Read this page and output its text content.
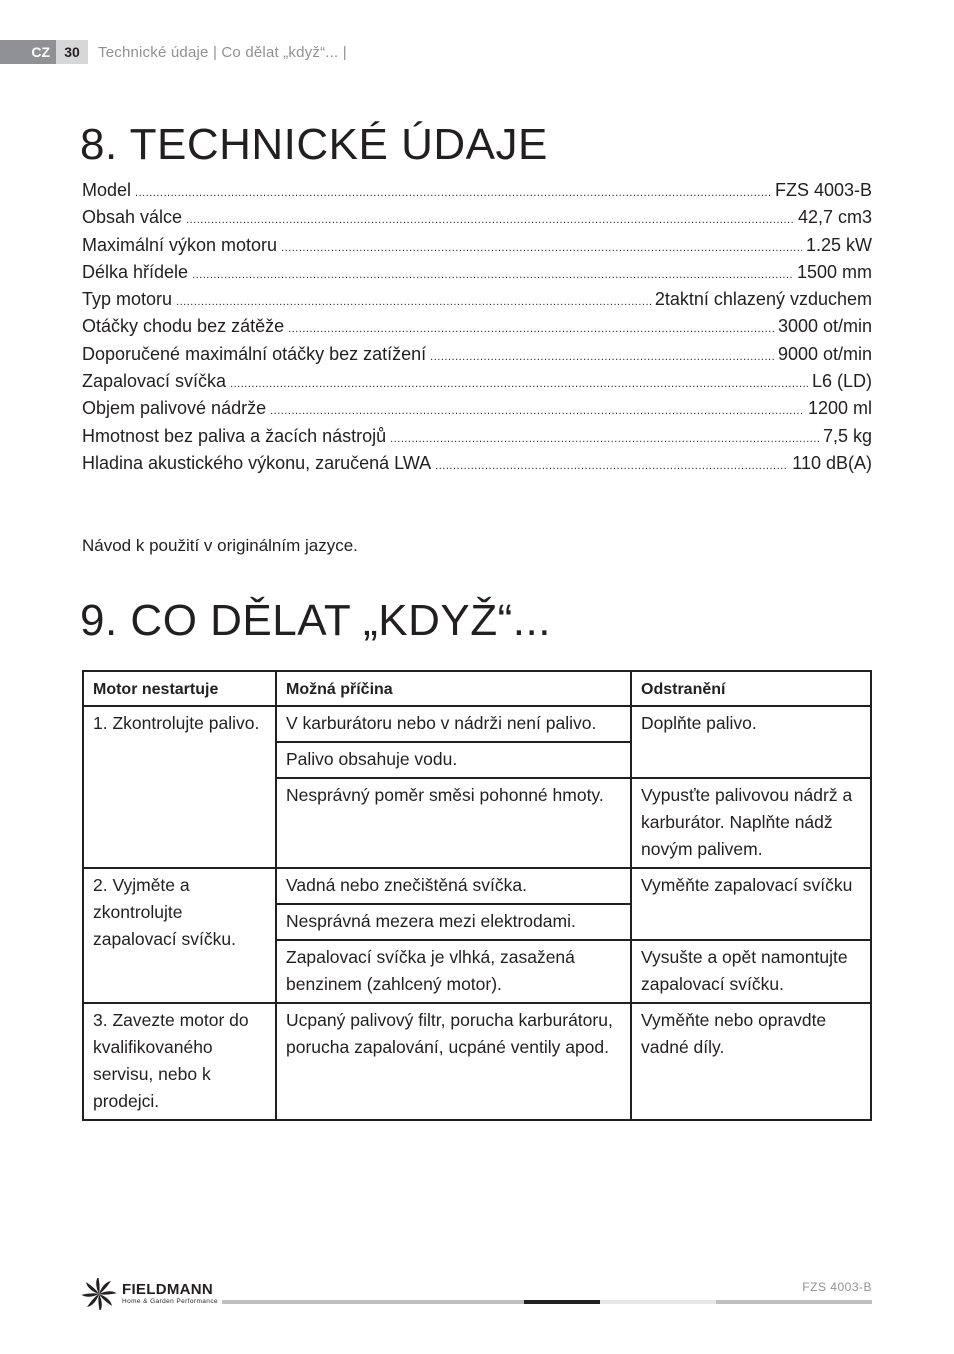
CZ	30	Technické údaje | Co dělat „když“... |
8. TECHNICKÉ ÚDAJE
Model .....	FZS 4003-B
Obsah válce .....	42,7 cm3
Maximální výkon motoru .....	1.25 kW
Délka hřídele .....	1500 mm
Typ motoru .....	2taktní chlazený vzduchem
Otáčky chodu bez zátěže .....	3000 ot/min
Doporučené maximální otáčky bez zatížení .....	9000 ot/min
Zapalovací svíčka .....	L6 (LD)
Objem palivové nádrže .....	1200 ml
Hmotnost bez paliva a žacích nástrojů .....	7,5 kg
Hladina akustického výkonu, zaručená LWA .....	110 dB(A)
Návod k použití v originálním jazyce.
9. CO DĚLAT „KDYŽ“...
Motor nestartuje	Možná příčina	Odstranění
1. Zkontrolujte palivo.	V karburátoru nebo v nádrži není palivo.	Doplňte palivo.
	Palivo obsahuje vodu.	
	Nesprávný poměr směsi pohonné hmoty.	Vypusťte palivovou nádrž a karburátor. Naplňte nádž novým palivem.
2. Vyjměte a zkontrolujte zapalovací svíčku.	Vadná nebo znečištěná svíčka.	Vyměňte zapalovací svíčku
	Nesprávná mezera mezi elektrodami.	
	Zapalovací svíčka je vlhká, zasažená benzinem (zahlcený motor).	Vysušte a opět namontujte zapalovací svíčku.
3. Zavezte motor do kvalifikovaného servisu, nebo k prodejci.	Ucpaný palivový filtr, porucha karburátoru, porucha zapalování, ucpáné ventily apod.	Vyměňte nebo opravdte vadné díly.
FIELDMANN
Home & Garden Performance
FZS 4003-B
